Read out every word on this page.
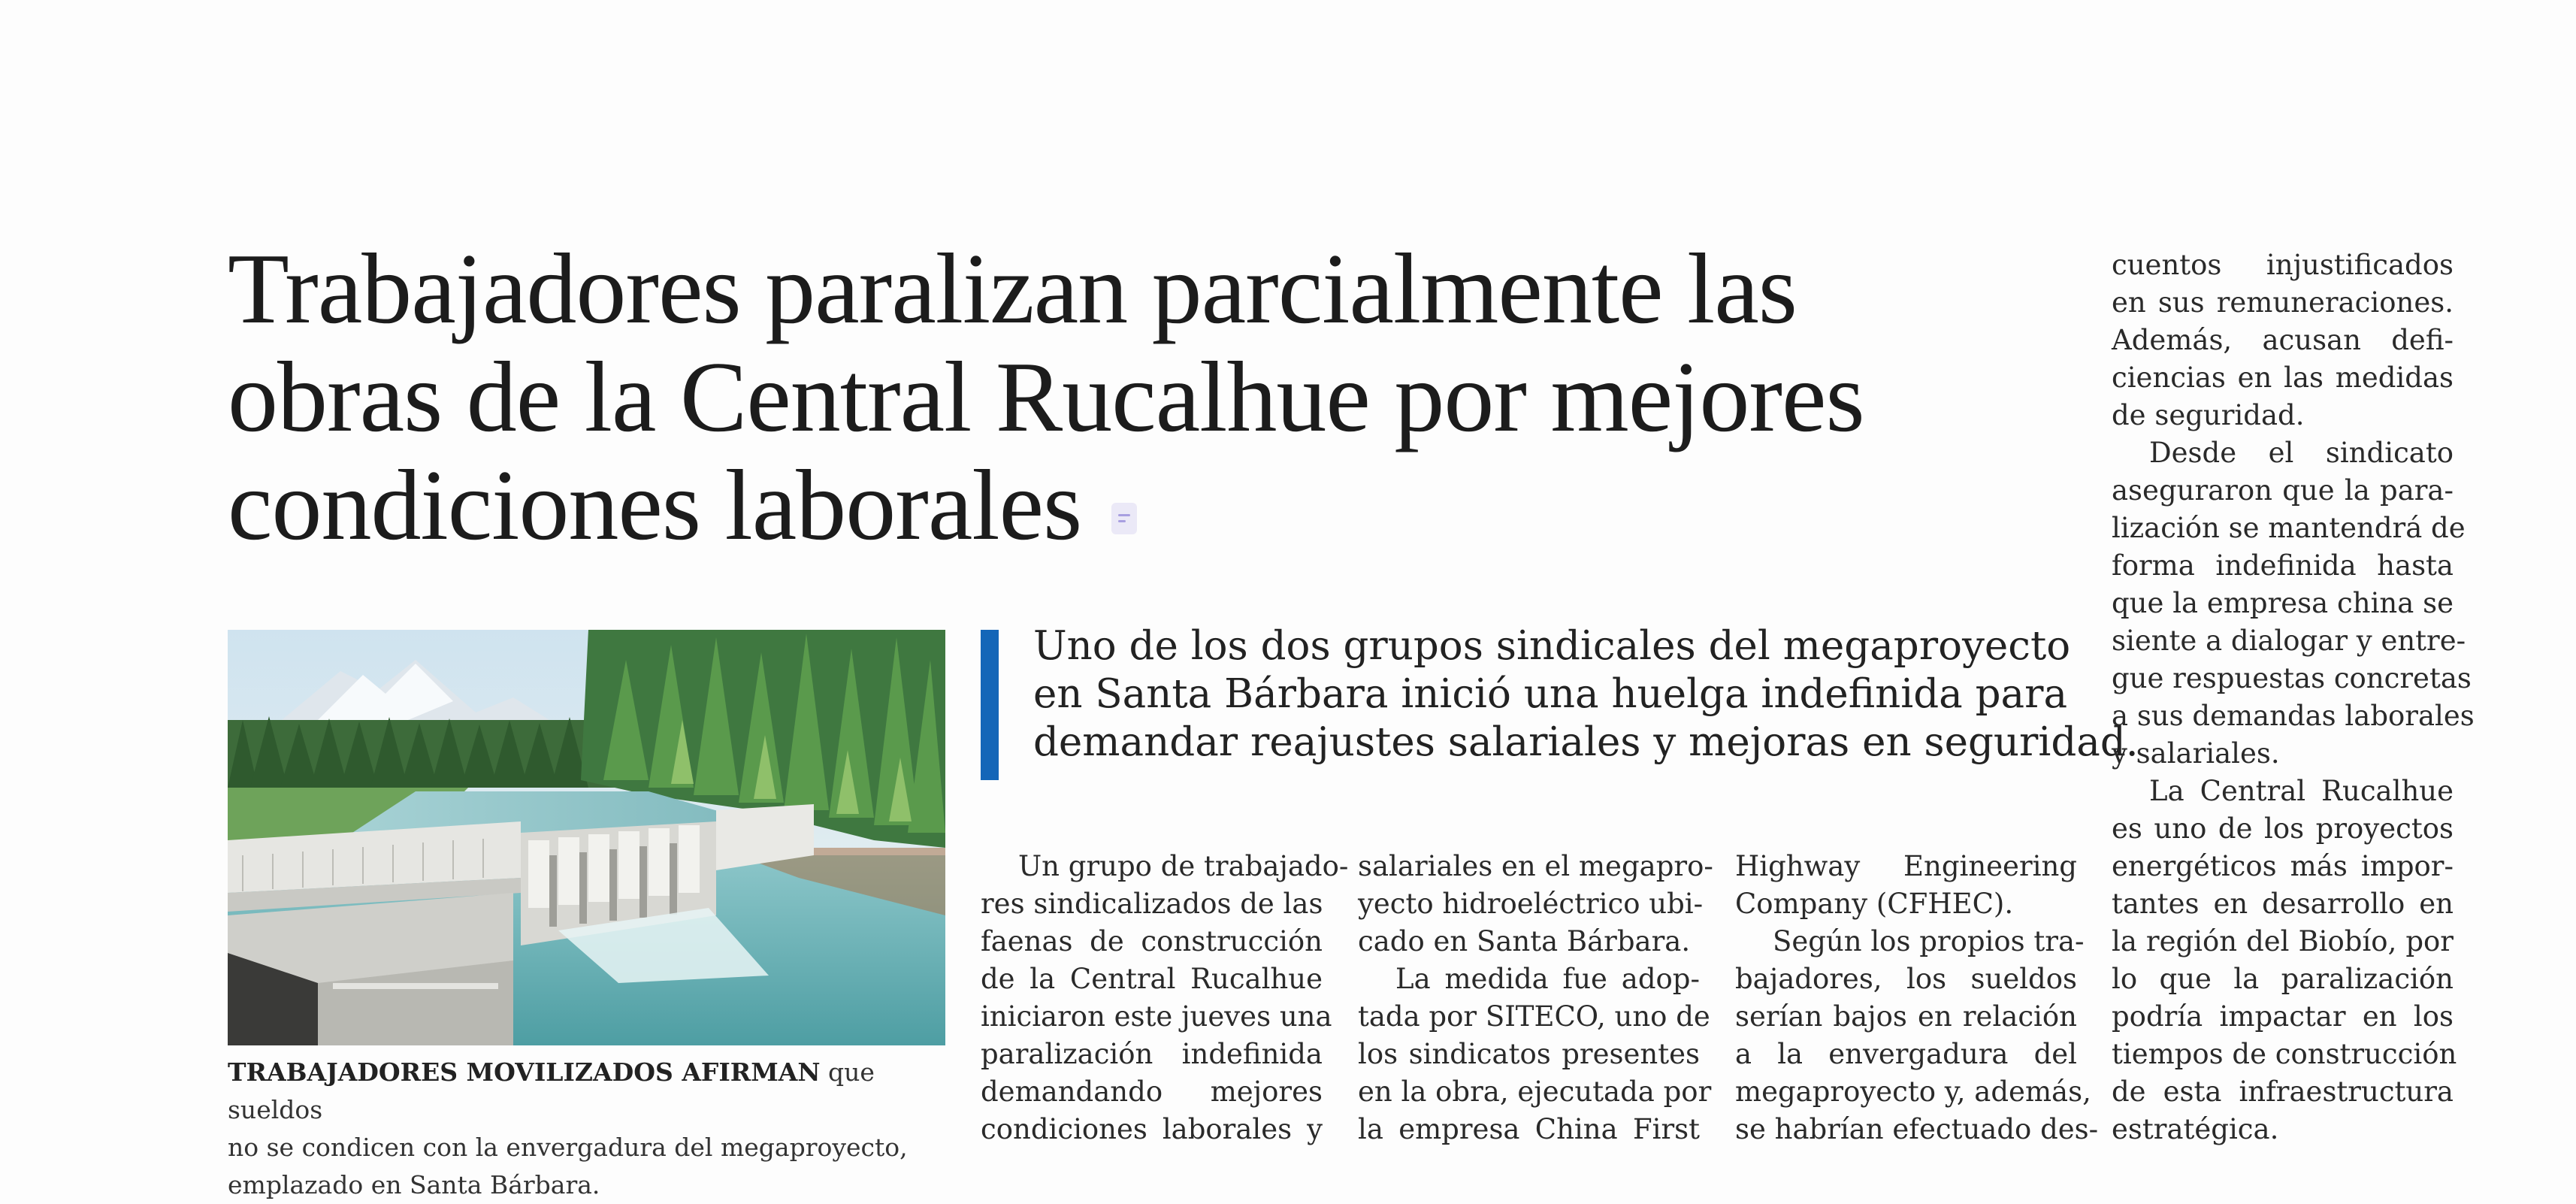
Trabajadores paralizan parcialmente las
obras de la Central Rucalhue por mejores
condiciones laborales
TRABAJADORES MOVILIZADOS AFIRMAN que sueldos
no se condicen con la envergadura del megaproyecto,
emplazado en Santa Bárbara.
Uno de los dos grupos sindicales del megaproyecto
en Santa Bárbara inició una huelga indefinida para
demandar reajustes salariales y mejoras en seguridad.
Un grupo de trabajado-
res sindicalizados de las
faenas de construcción
de la Central Rucalhue
iniciaron este jueves una
paralización indefinida
demandando mejores
condiciones laborales y
salariales en el megapro-
yecto hidroeléctrico ubi-
cado en Santa Bárbara.
La medida fue adop-
tada por SITECO, uno de
los sindicatos presentes
en la obra, ejecutada por
la empresa China First
Highway Engineering
Company (CFHEC).
Según los propios tra-
bajadores, los sueldos
serían bajos en relación
a la envergadura del
megaproyecto y, además,
se habrían efectuado des-
cuentos injustificados
en sus remuneraciones.
Además, acusan defi-
ciencias en las medidas
de seguridad.
Desde el sindicato
aseguraron que la para-
lización se mantendrá de
forma indefinida hasta
que la empresa china se
siente a dialogar y entre-
gue respuestas concretas
a sus demandas laborales
y salariales.
La Central Rucalhue
es uno de los proyectos
energéticos más impor-
tantes en desarrollo en
la región del Biobío, por
lo que la paralización
podría impactar en los
tiempos de construcción
de esta infraestructura
estratégica.
